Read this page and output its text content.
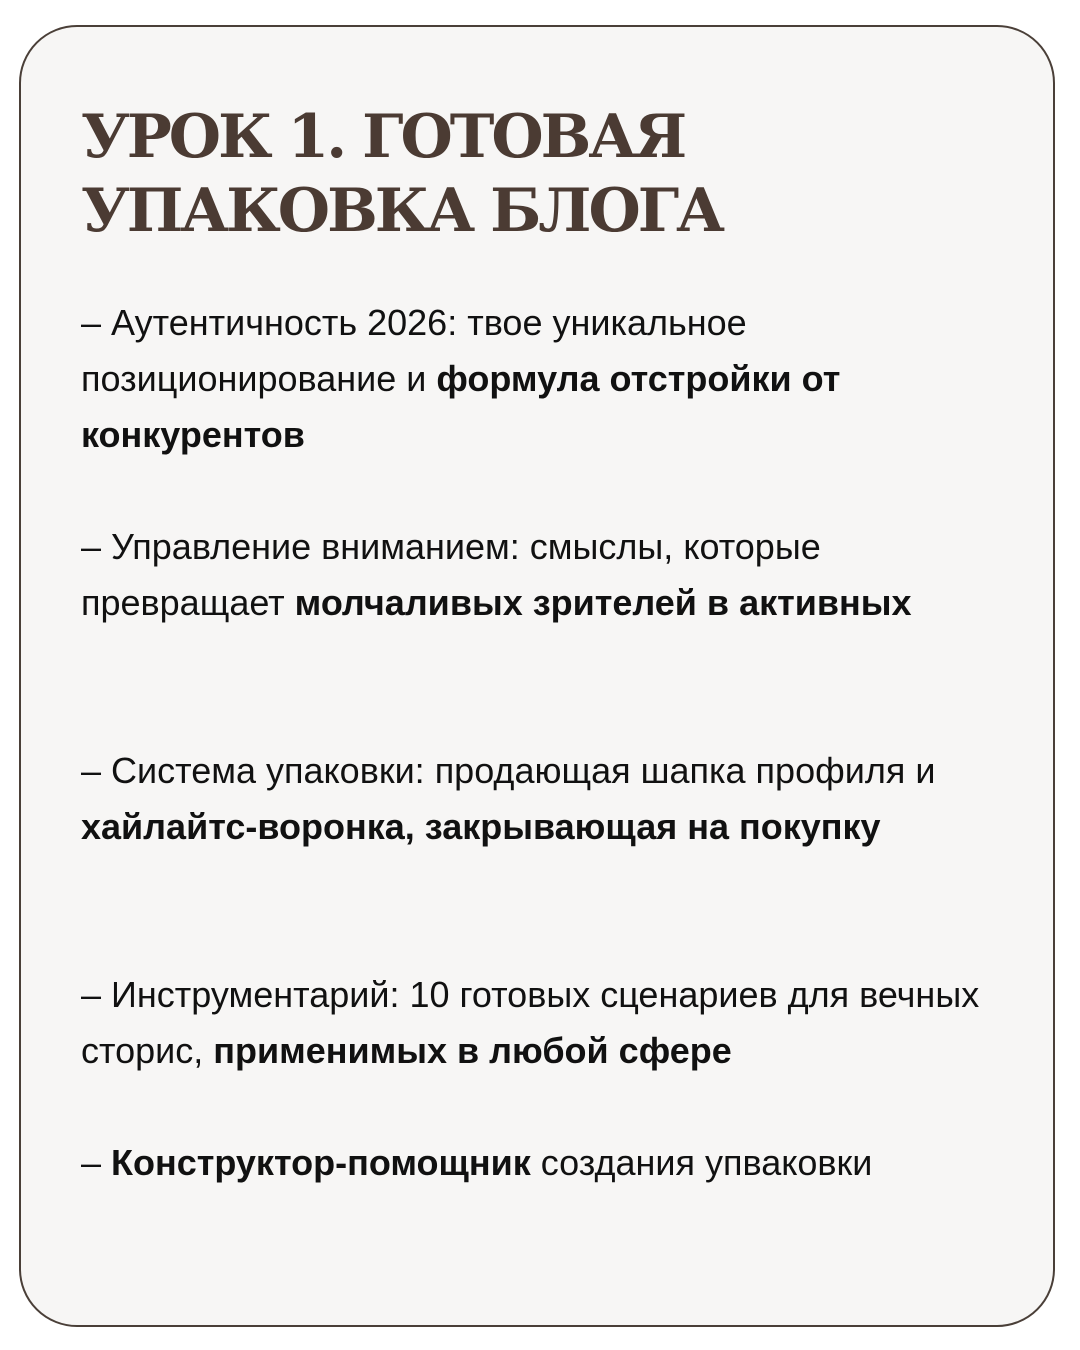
УРОК 1. ГОТОВАЯ
УПАКОВКА БЛОГА

– Аутентичность 2026: твое уникальное позиционирование и формула отстройки от конкурентов

– Управление вниманием: смыслы, которые превращает молчаливых зрителей в активных

– Система упаковки: продающая шапка профиля и хайлайтс-воронка, закрывающая на покупку

– Инструментарий: 10 готовых сценариев для вечных сторис, применимых в любой сфере

– Конструктор-помощник создания упваковки
